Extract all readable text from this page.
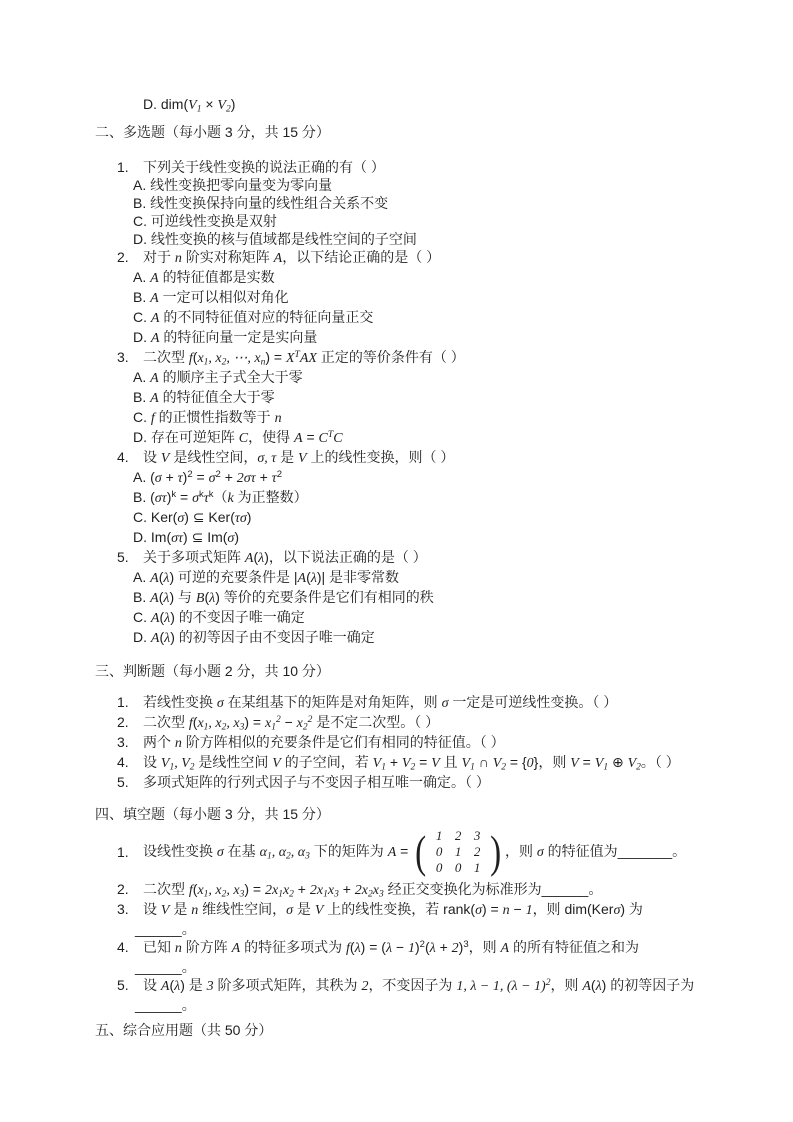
D. $dim(V_1 \times V_2)$
二、多选题（每小题 3 分，共 15 分）
1.	下列关于线性变换的说法正确的有（ ）
A. 线性变换把零向量变为零向量
B. 线性变换保持向量的线性组合关系不变
C. 可逆线性变换是双射
D. 线性变换的核与值域都是线性空间的子空间
2.	对于 n 阶实对称矩阵 A，以下结论正确的是（ ）
A. A 的特征值都是实数
B. A 一定可以相似对角化
C. A 的不同特征值对应的特征向量正交
D. A 的特征向量一定是实向量
3.	二次型 $f(x_1$, $x_2$, ⋯, $x_n) = X^TAX$ 正定的等价条件有（ ）
A. A 的顺序主子式全大于零
B. A 的特征值全大于零
C. f 的正惯性指数等于 n
D. 存在可逆矩阵 C，使得 $A = C^TC$
4.	设 V 是线性空间，σ, τ 是 V 上的线性变换，则（ ）
A. $(\sigma + \tau)^2 = \sigma^2 + 2\sigma\tau + \tau^2$
B. $(\sigma\tau)^k = \sigma^k\tau^k(k$ 为正整数）
C. Ker(σ) ⊆ Ker(τσ)
D. Im(στ) ⊆ Im(σ)
5.	关于多项式矩阵 A(λ)，以下说法正确的是（ ）
A. A(λ) 可逆的充要条件是 |A(λ)| 是非零常数
B. A(λ) 与 B(λ) 等价的充要条件是它们有相同的秩
C. A(λ) 的不变因子唯一确定
D. A(λ) 的初等因子由不变因子唯一确定
三、判断题（每小题 2 分，共 10 分）
1.	若线性变换 σ 在某组基下的矩阵是对角矩阵，则 σ 一定是可逆线性变换。（ ）
2.	二次型 $f(x_1$, $x_2$, $x_3) = x_1^2 - x_2^2$ 是不定二次型。（ ）
3.	两个 n 阶方阵相似的充要条件是它们有相同的特征值。（ ）
4.	设 $V_1$, $V_2$ 是线性空间 V 的子空间，若 $V_1 + V_2 = V$ 且 $V_1$ ∩ $V_2 = \{0\}$，则 $V = V_1$ ⊕ $V_2$。（ ）
5.	多项式矩阵的行列式因子与不变因子相互唯一确定。（ ）
四、填空题（每小题 3 分，共 15 分）
1.	设线性变换 σ 在基 $\alpha_1$, $\alpha_2$, $\alpha_3$ 下的矩阵为 A = ( 1 2 3
0 1 2
0 0 1 ) ，则 σ 的特征值为_______。
2.	二次型 $f(x_1$, $x_2$, $x_3) = 2x_1x_2 + 2x_1x_3 + 2x_2x_3$ 经正交变换化为标准形为______。
3.	设 V 是 n 维线性空间，σ 是 V 上的线性变换，若 rank(σ) = n − 1，则 dim(Kerσ) 为
______。
4.	已知 n 阶方阵 A 的特征多项式为 $f(\lambda) = (\lambda - 1)^2(\lambda + 2)^3$，则 A 的所有特征值之和为
______。
5.	设 A(λ) 是 3 阶多项式矩阵，其秩为 2，不变因子为 1, λ − 1, $(\lambda - 1)^2$，则 A(λ) 的初等因子为
______。
五、综合应用题（共 50 分）
